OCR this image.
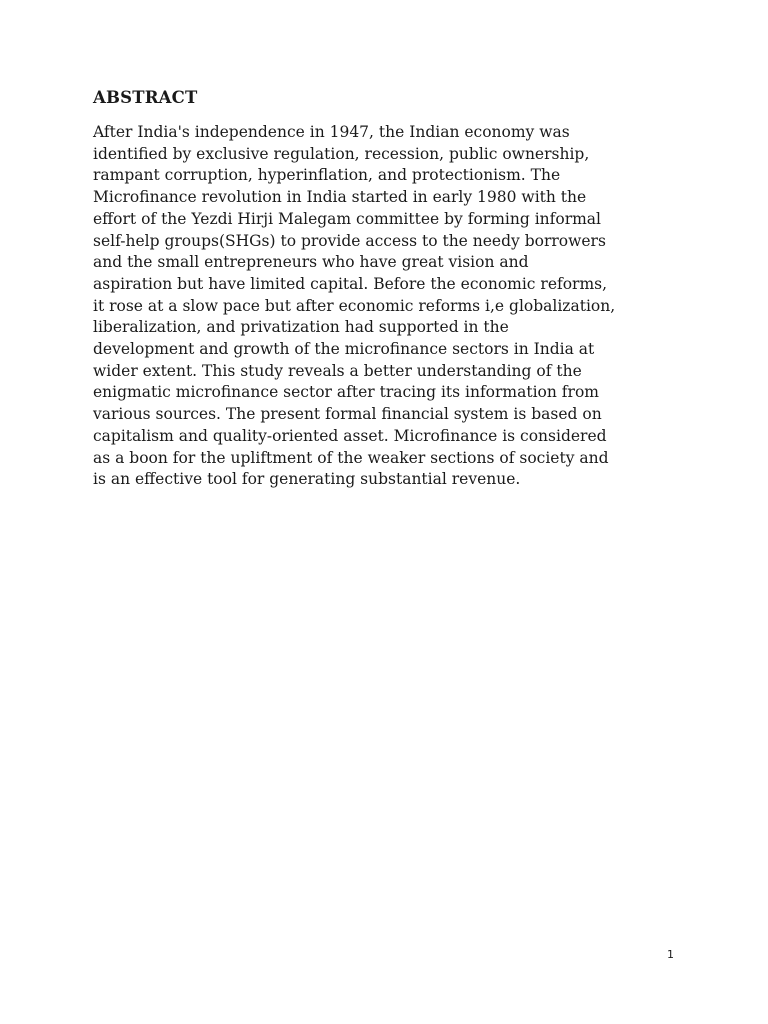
ABSTRACT

After India's independence in 1947, the Indian economy was
identified by exclusive regulation, recession, public ownership,
rampant corruption, hyperinflation, and protectionism. The
Microfinance revolution in India started in early 1980 with the
effort of the Yezdi Hirji Malegam committee by forming informal
self-help groups(SHGs) to provide access to the needy borrowers
and the small entrepreneurs who have great vision and
aspiration but have limited capital. Before the economic reforms,
it rose at a slow pace but after economic reforms i,e globalization,
liberalization, and privatization had supported in the
development and growth of the microfinance sectors in India at
wider extent. This study reveals a better understanding of the
enigmatic microfinance sector after tracing its information from
various sources. The present formal financial system is based on
capitalism and quality-oriented asset. Microfinance is considered
as a boon for the upliftment of the weaker sections of society and
is an effective tool for generating substantial revenue.

1
